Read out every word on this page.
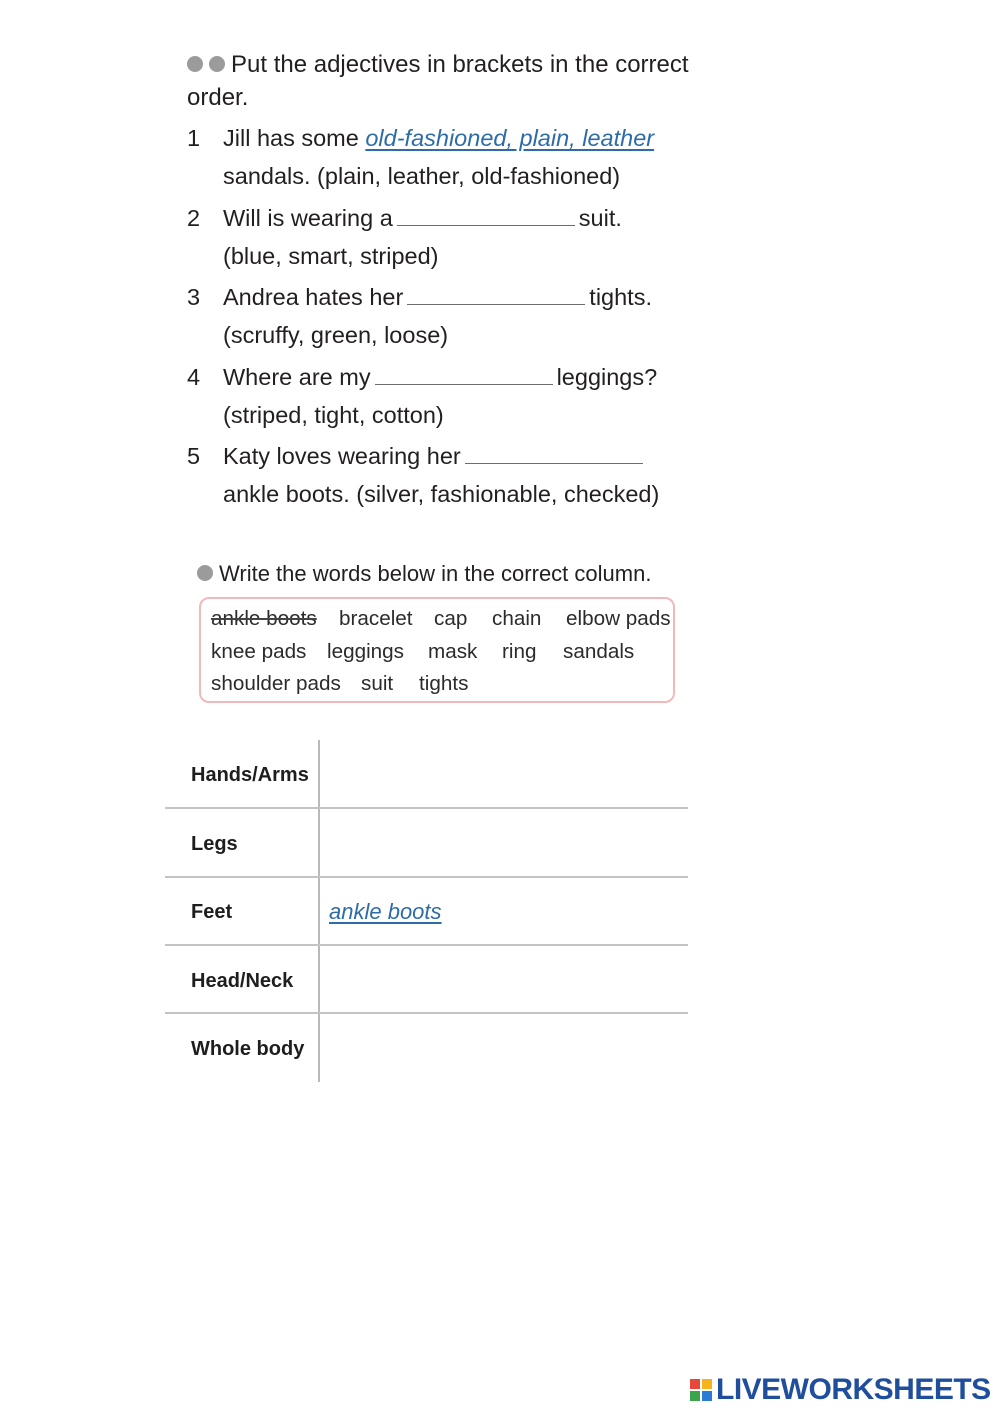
Put the adjectives in brackets in the correct order.
1 Jill has some old-fashioned, plain, leather
sandals. (plain, leather, old-fashioned)
2 Will is wearing a	suit.
(blue, smart, striped)
3 Andrea hates her	tights.
(scruffy, green, loose)
4 Where are my	leggings?
(striped, tight, cotton)
5 Katy loves wearing her
ankle boots. (silver, fashionable, checked)
Write the words below in the correct column.
ankle boots bracelet cap chain elbow pads
knee pads leggings mask ring sandals
shoulder pads suit tights
Hands/Arms
Legs
Feet	ankle boots
Head/Neck
Whole body
LIVEWORKSHEETS
